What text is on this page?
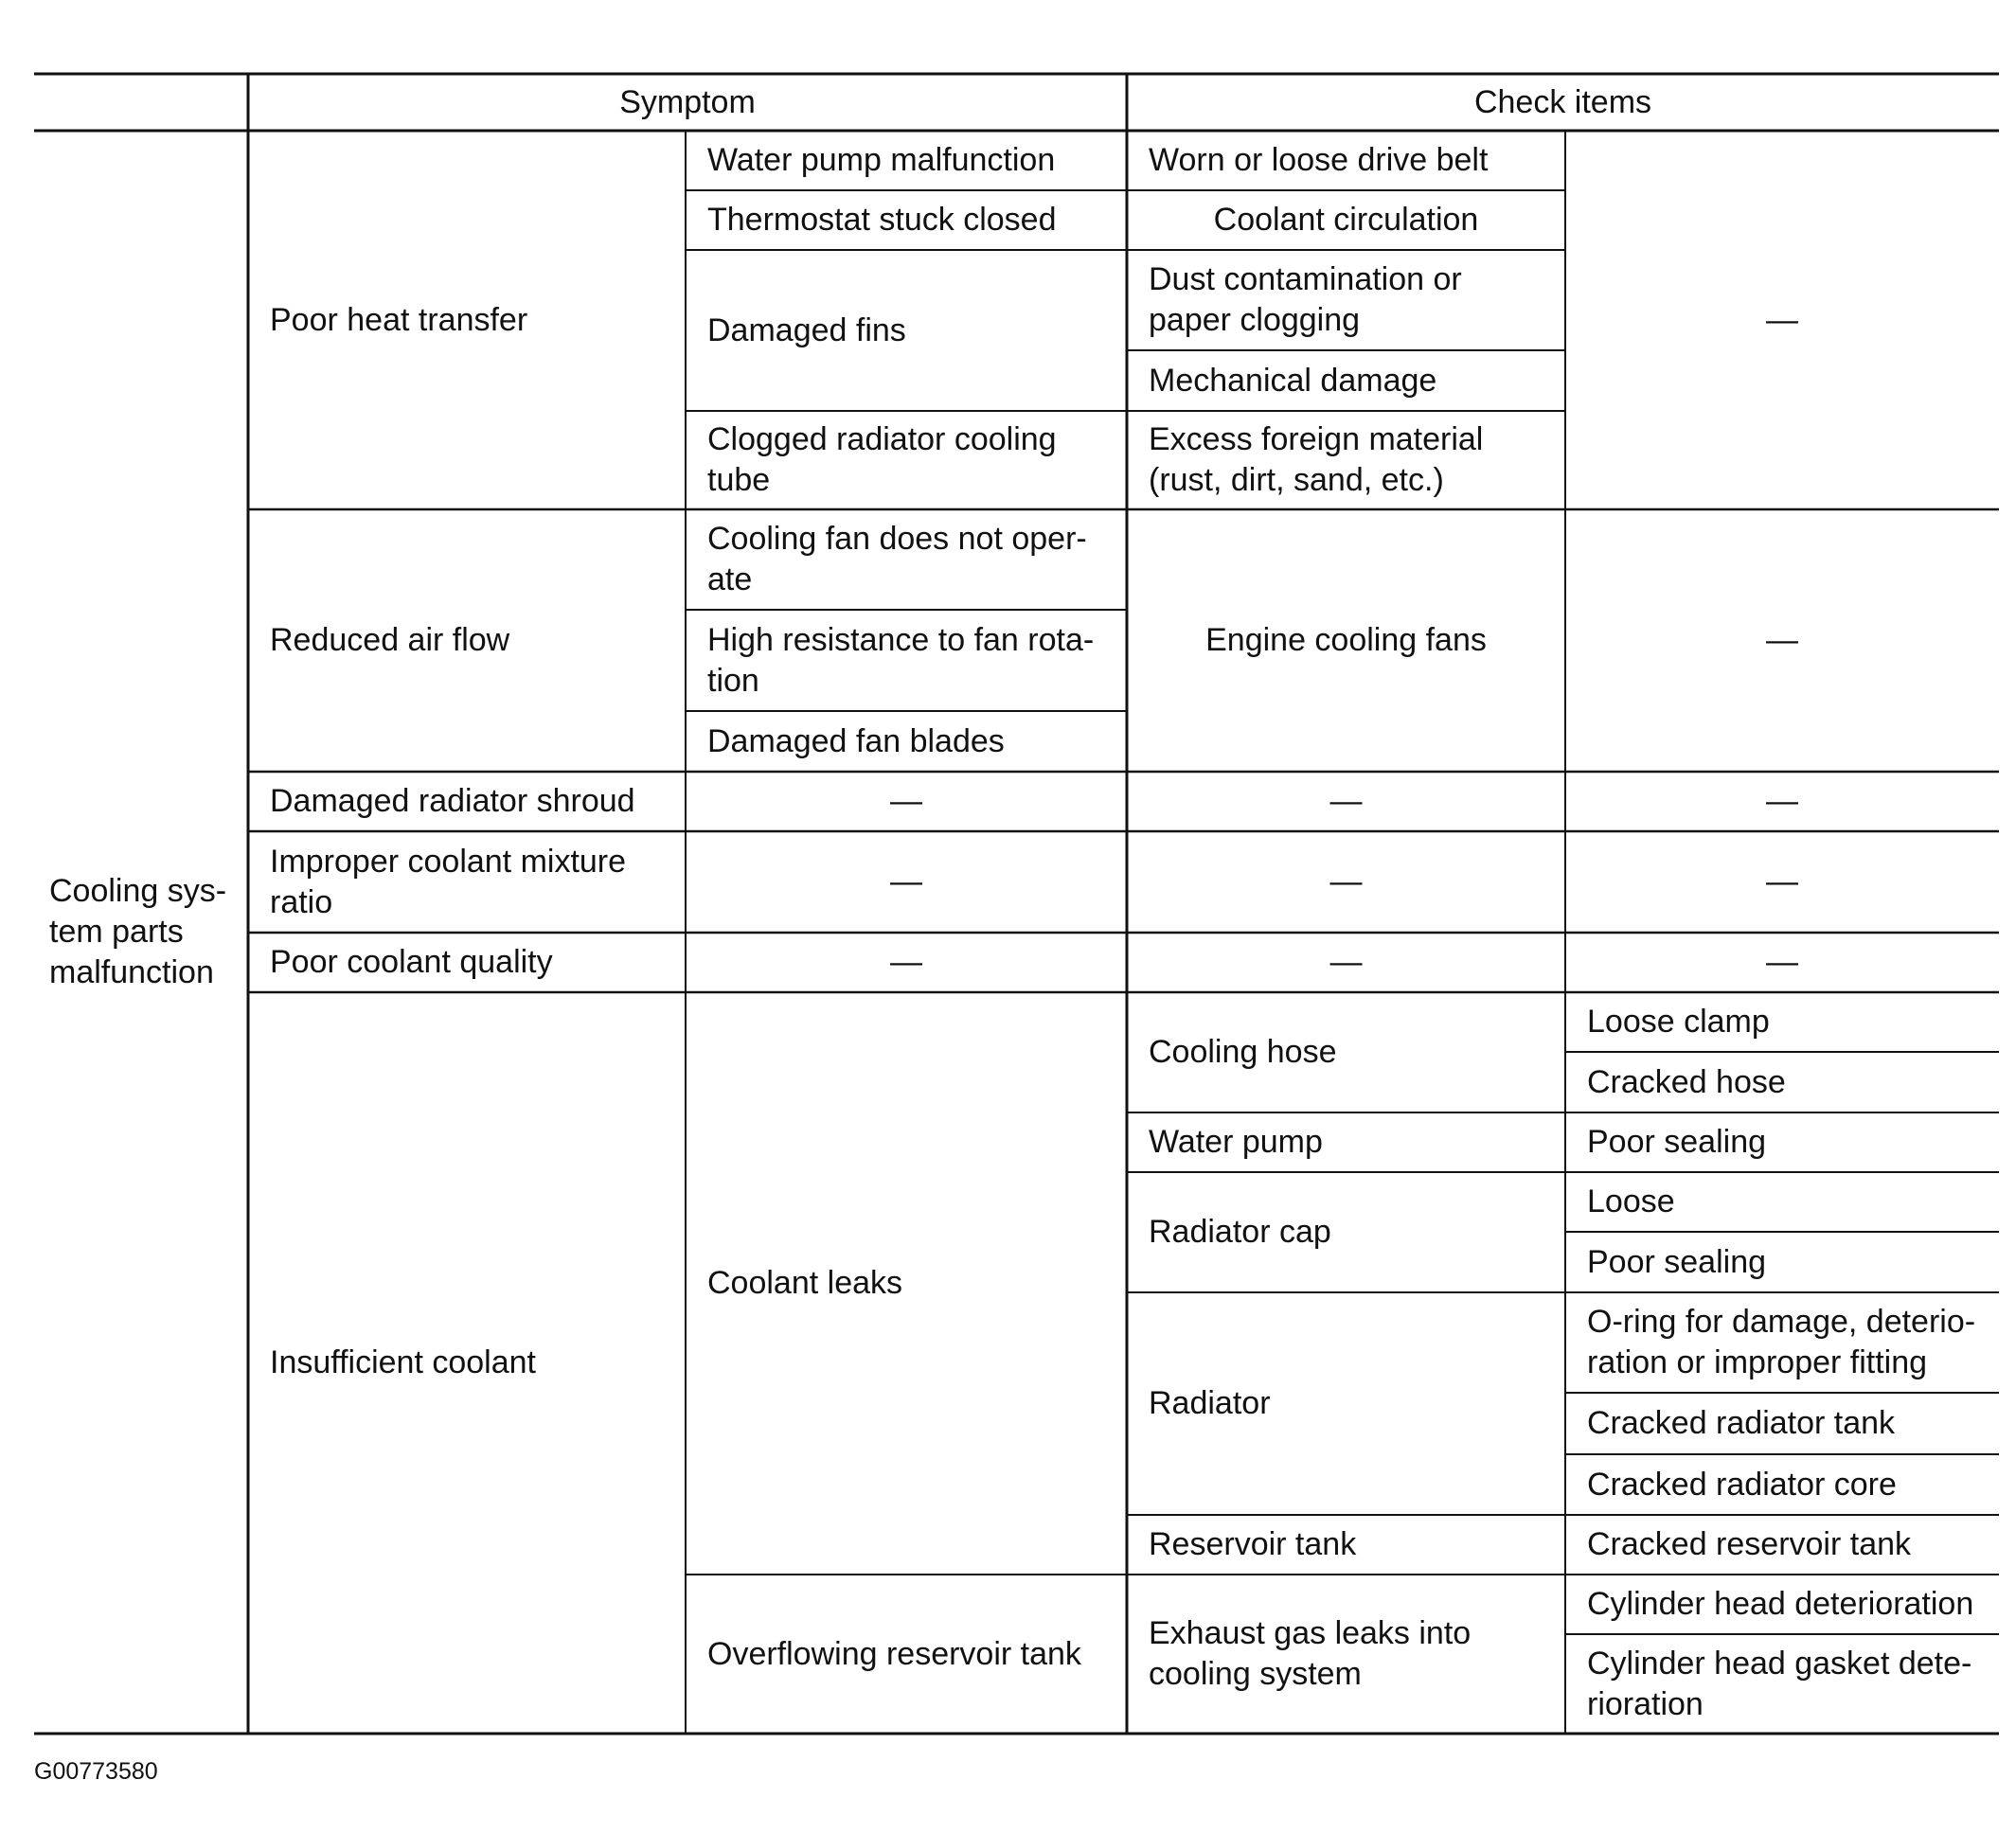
Symptom	Check items
Cooling sys-
tem parts
malfunction
Poor heat transfer
Reduced air flow
Damaged radiator shroud
Improper coolant mixture
ratio
Poor coolant quality
Insufficient coolant
Water pump malfunction
Thermostat stuck closed
Damaged fins
Clogged radiator cooling
tube
Cooling fan does not oper-
ate
High resistance to fan rota-
tion
Damaged fan blades
—
—
—
Coolant leaks
Overflowing reservoir tank
Worn or loose drive belt
Coolant circulation
Dust contamination or
paper clogging
Mechanical damage
Excess foreign material
(rust, dirt, sand, etc.)
Engine cooling fans
—
—
—
Cooling hose
Water pump
Radiator cap
Radiator
Reservoir tank
Exhaust gas leaks into
cooling system
—
—
—
—
—
Loose clamp
Cracked hose
Poor sealing
Loose
Poor sealing
O-ring for damage, deterio-
ration or improper fitting
Cracked radiator tank
Cracked radiator core
Cracked reservoir tank
Cylinder head deterioration
Cylinder head gasket dete-
rioration
G00773580
